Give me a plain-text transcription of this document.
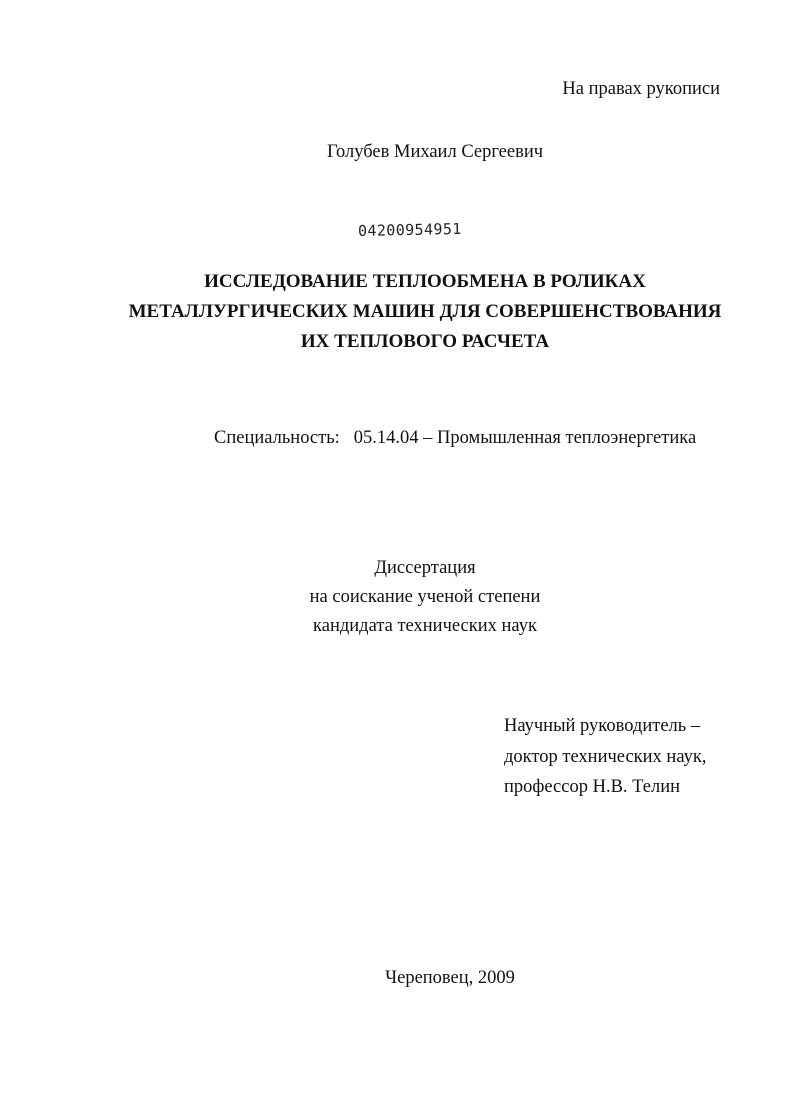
На правах рукописи
Голубев Михаил Сергеевич
04200954951
ИССЛЕДОВАНИЕ ТЕПЛООБМЕНА В РОЛИКАХ
МЕТАЛЛУРГИЧЕСКИХ МАШИН ДЛЯ СОВЕРШЕНСТВОВАНИЯ
ИХ ТЕПЛОВОГО РАСЧЕТА
Специальность: 05.14.04 – Промышленная теплоэнергетика
Диссертация
на соискание ученой степени
кандидата технических наук
Научный руководитель –
доктор технических наук,
профессор Н.В. Телин
Череповец, 2009
